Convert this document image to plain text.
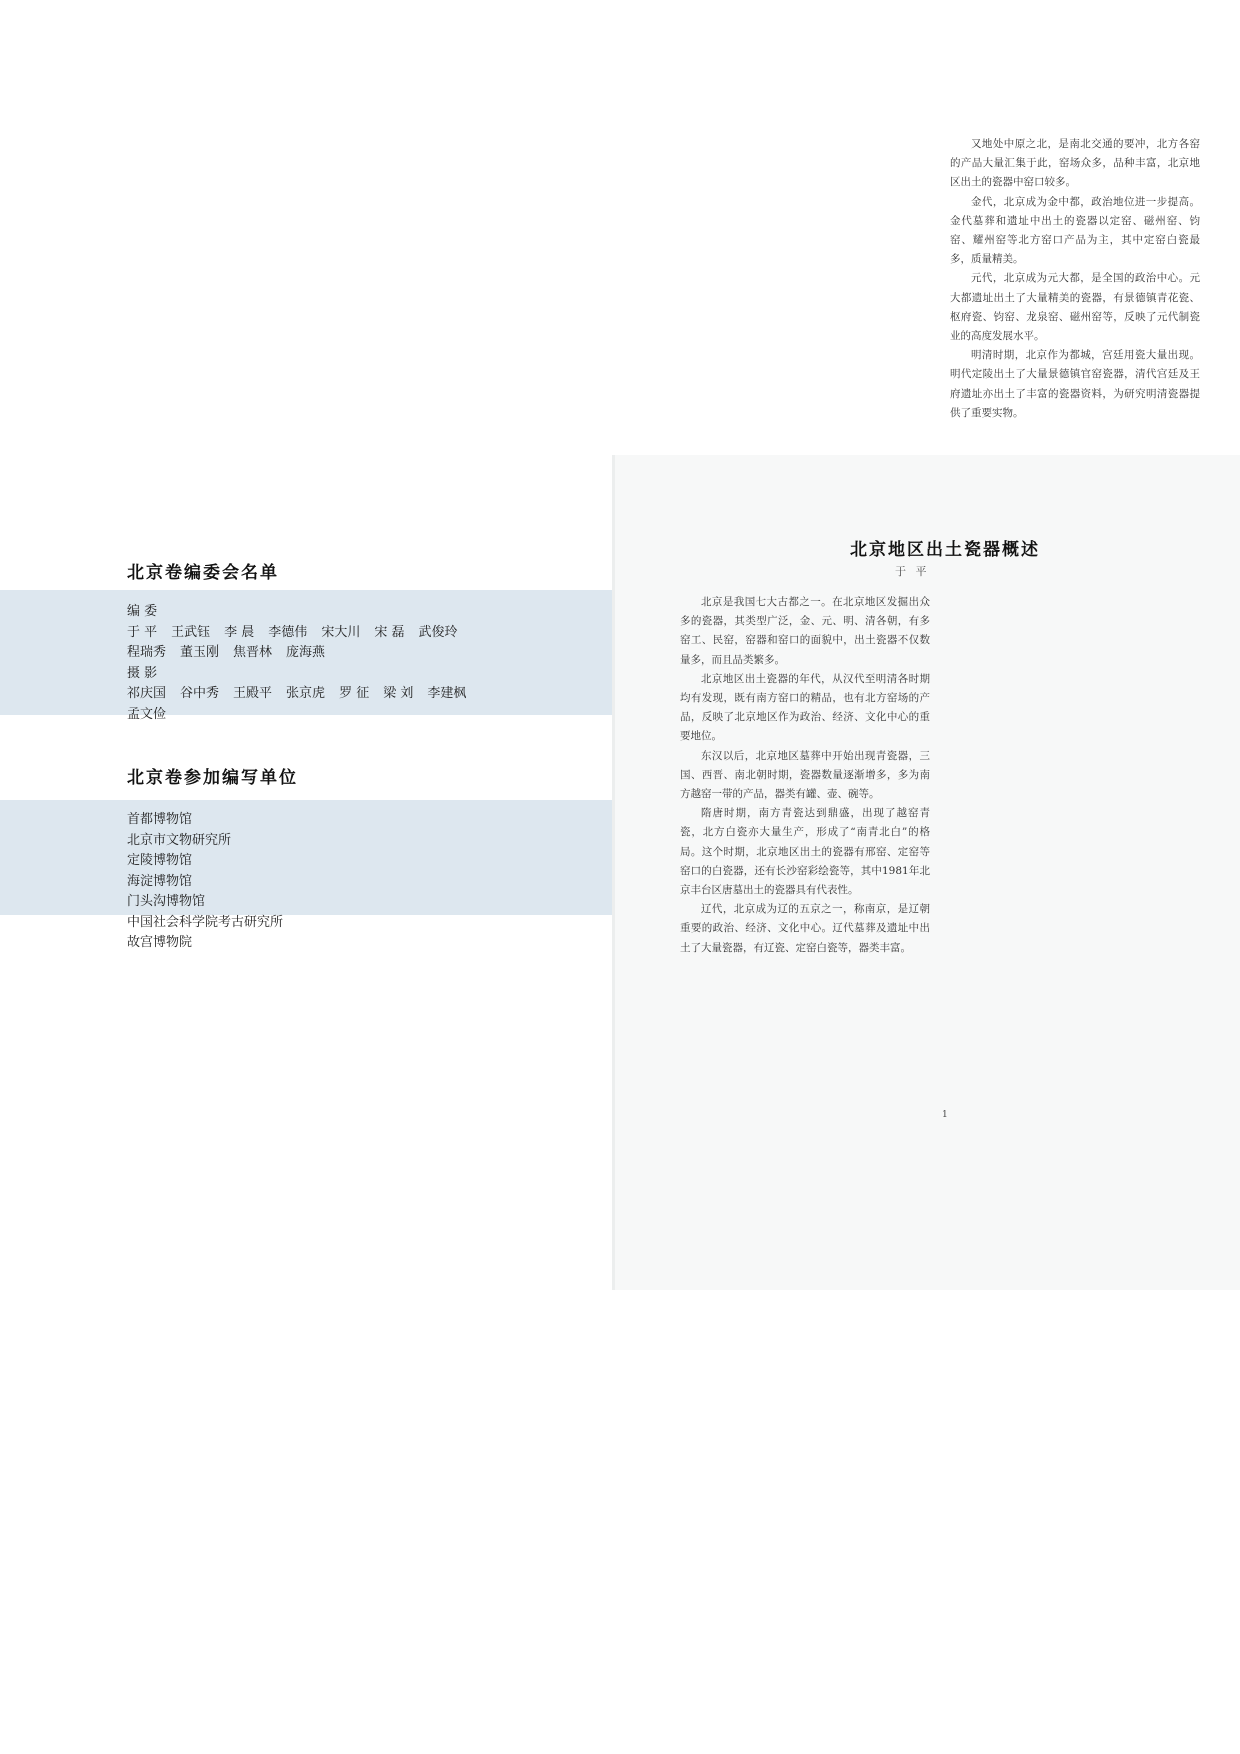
北京卷编委会名单
编 委
于 平 王武钰 李 晨 李德伟 宋大川 宋 磊 武俊玲
程瑞秀 董玉刚 焦晋林 庞海燕
摄 影
祁庆国 谷中秀 王殿平 张京虎 罗 征 梁 刘 李建枫
孟文俭
北京卷参加编写单位
首都博物馆
北京市文物研究所
定陵博物馆
海淀博物馆
门头沟博物馆
中国社会科学院考古研究所
故宫博物院
北京地区出土瓷器概述
于 平

北京是我国七大古都之一。在北京地区发掘出众多的瓷器，其类型广泛，金、元、明、清各朝，有多窑工、民窑，窑器和窑口的面貌中，出土瓷器不仅数量多，而且品类繁多。

北京地区出土瓷器的年代，从汉代至明清各时期均有发现，既有南方窑口的精品，也有北方窑场的产品，反映了北京地区作为政治、经济、文化中心的重要地位。

东汉以后，北京地区墓葬中开始出现青瓷器，三国、西晋、南北朝时期，瓷器数量逐渐增多，多为南方越窑一带的产品，器类有罐、壶、碗等。

隋唐时期，南方青瓷达到鼎盛，出现了越窑青瓷，北方白瓷亦大量生产，形成了“南青北白”的格局。这个时期，北京地区出土的瓷器有邢窑、定窑等窑口的白瓷器，还有长沙窑彩绘瓷等，其中1981年北京丰台区唐墓出土的瓷器具有代表性。

辽代，北京成为辽的五京之一，称南京，是辽朝重要的政治、经济、文化中心。辽代墓葬及遗址中出土了大量瓷器，有辽瓷、定窑白瓷等，器类丰富。

又地处中原之北，是南北交通的要冲，北方各窑的产品大量汇集于此，窑场众多，品种丰富，北京地区出土的瓷器中窑口较多。

金代，北京成为金中都，政治地位进一步提高。金代墓葬和遗址中出土的瓷器以定窑、磁州窑、钧窑、耀州窑等北方窑口产品为主，其中定窑白瓷最多，质量精美。

元代，北京成为元大都，是全国的政治中心。元大都遗址出土了大量精美的瓷器，有景德镇青花瓷、枢府瓷、钧窑、龙泉窑、磁州窑等，反映了元代制瓷业的高度发展水平。

明清时期，北京作为都城，宫廷用瓷大量出现。明代定陵出土了大量景德镇官窑瓷器，清代宫廷及王府遗址亦出土了丰富的瓷器资料，为研究明清瓷器提供了重要实物。

1
